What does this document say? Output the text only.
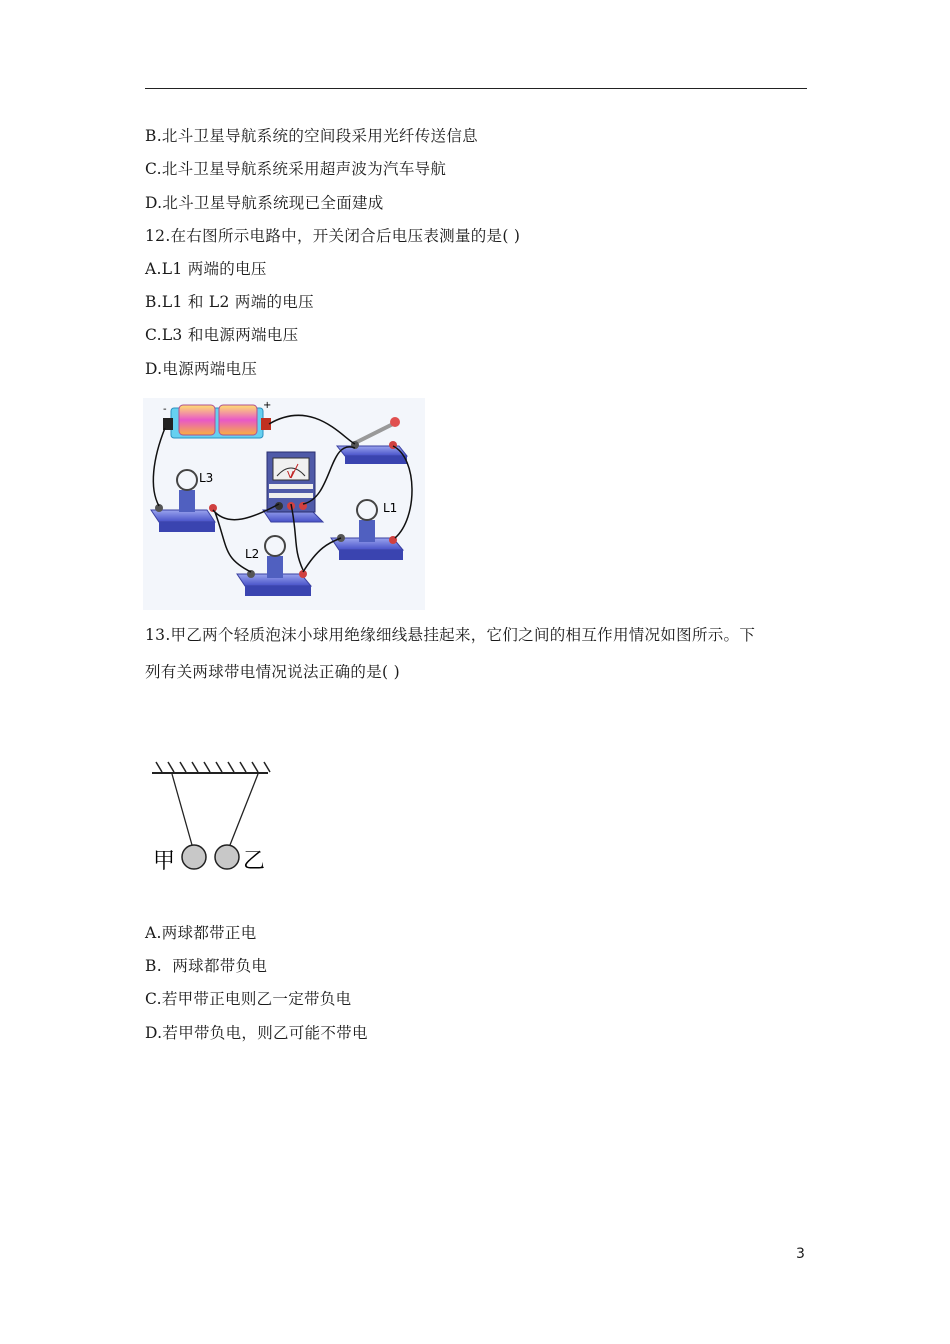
B.北斗卫星导航系统的空间段采用光纤传送信息
C.北斗卫星导航系统采用超声波为汽车导航
D.北斗卫星导航系统现已全面建成
12.在右图所示电路中，开关闭合后电压表测量的是( )
A.L1 两端的电压
B.L1 和 L2 两端的电压
C.L3 和电源两端电压
D.电源两端电压
-	+
V
L3
L1
L2
13.甲乙两个轻质泡沫小球用绝缘细线悬挂起来，它们之间的相互作用情况如图所示。下
列有关两球带电情况说法正确的是( )
甲	乙
A.两球都带正电
B.  两球都带负电
C.若甲带正电则乙一定带负电
D.若甲带负电，则乙可能不带电
3
